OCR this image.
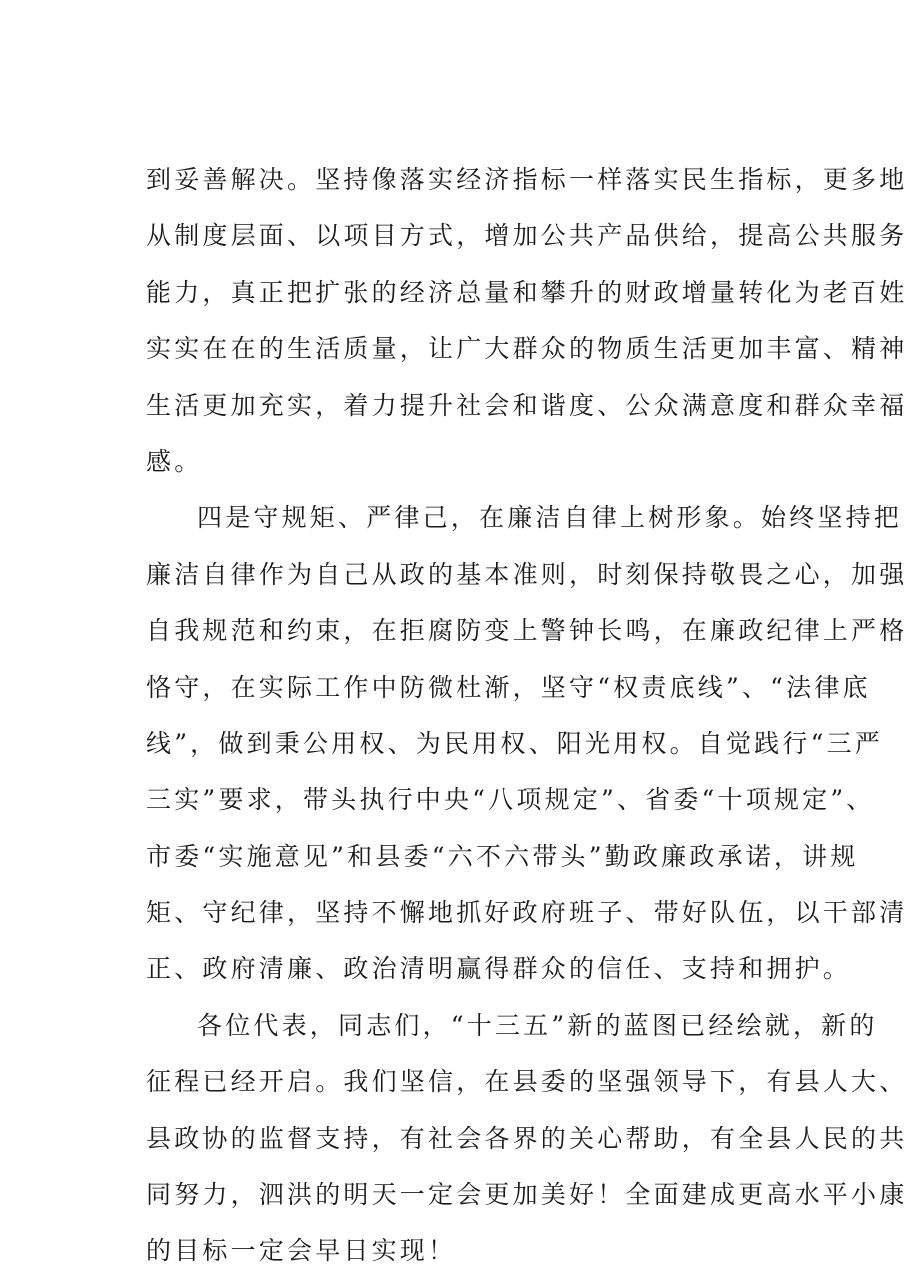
到妥善解决。坚持像落实经济指标一样落实民生指标，更多地
从制度层面、以项目方式，增加公共产品供给，提高公共服务
能力，真正把扩张的经济总量和攀升的财政增量转化为老百姓
实实在在的生活质量，让广大群众的物质生活更加丰富、精神
生活更加充实，着力提升社会和谐度、公众满意度和群众幸福
感。
四是守规矩、严律己，在廉洁自律上树形象。始终坚持把
廉洁自律作为自己从政的基本准则，时刻保持敬畏之心，加强
自我规范和约束，在拒腐防变上警钟长鸣，在廉政纪律上严格
恪守，在实际工作中防微杜渐，坚守“权责底线”、“法律底
线”，做到秉公用权、为民用权、阳光用权。自觉践行“三严
三实”要求，带头执行中央“八项规定”、省委“十项规定”、
市委“实施意见”和县委“六不六带头”勤政廉政承诺，讲规
矩、守纪律，坚持不懈地抓好政府班子、带好队伍，以干部清
正、政府清廉、政治清明赢得群众的信任、支持和拥护。
各位代表，同志们，“十三五”新的蓝图已经绘就，新的
征程已经开启。我们坚信，在县委的坚强领导下，有县人大、
县政协的监督支持，有社会各界的关心帮助，有全县人民的共
同努力，泗洪的明天一定会更加美好！全面建成更高水平小康
的目标一定会早日实现！
